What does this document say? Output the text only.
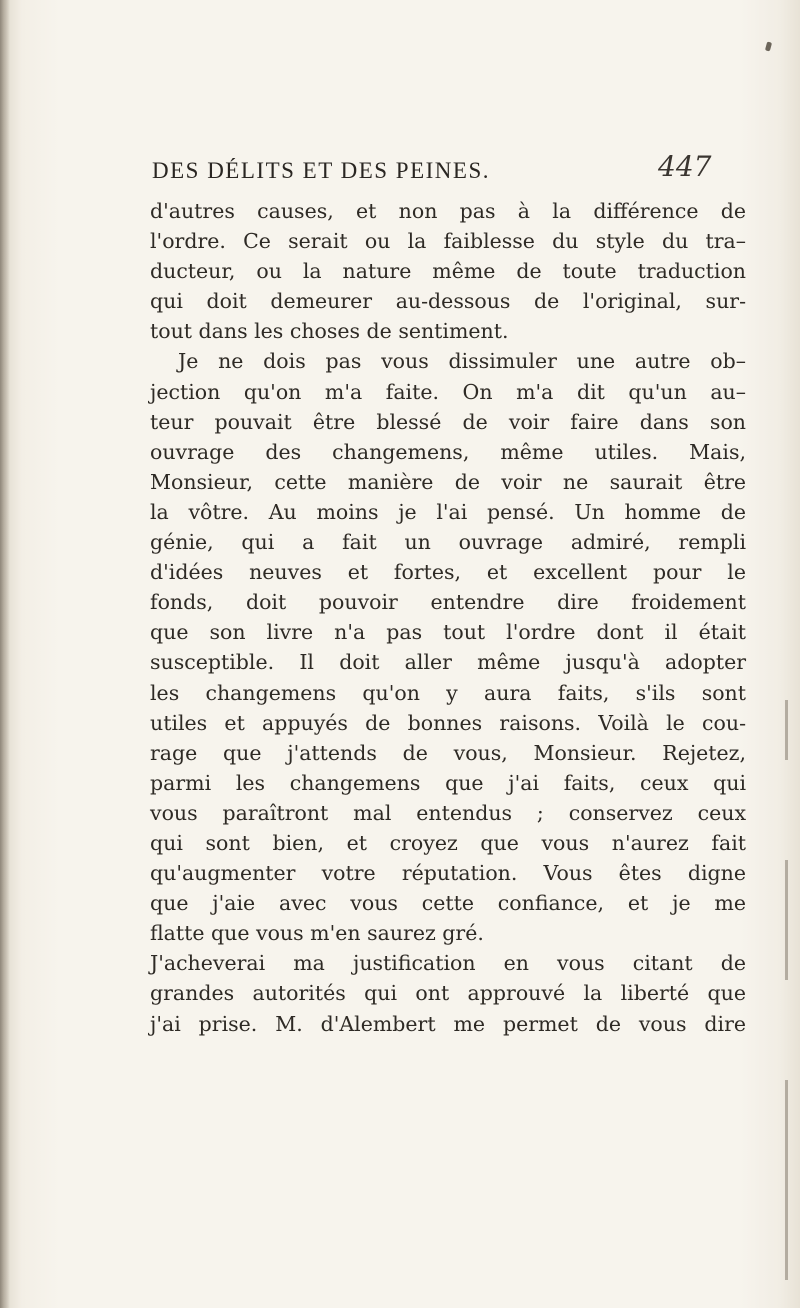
DES DÉLITS ET DES PEINES.	447

d'autres causes, et non pas à la différence de
l'ordre. Ce serait ou la faiblesse du style du tra–
ducteur, ou la nature même de toute traduction
qui doit demeurer au-dessous de l'original, sur-
tout dans les choses de sentiment.

Je ne dois pas vous dissimuler une autre ob–
jection qu'on m'a faite. On m'a dit qu'un au–
teur pouvait être blessé de voir faire dans son
ouvrage des changemens, même utiles. Mais,
Monsieur, cette manière de voir ne saurait être
la vôtre. Au moins je l'ai pensé. Un homme de
génie, qui a fait un ouvrage admiré, rempli
d'idées neuves et fortes, et excellent pour le
fonds, doit pouvoir entendre dire froidement
que son livre n'a pas tout l'ordre dont il était
susceptible. Il doit aller même jusqu'à adopter
les changemens qu'on y aura faits, s'ils sont
utiles et appuyés de bonnes raisons. Voilà le cou-
rage que j'attends de vous, Monsieur. Rejetez,
parmi les changemens que j'ai faits, ceux qui
vous paraîtront mal entendus ; conservez ceux
qui sont bien, et croyez que vous n'aurez fait
qu'augmenter votre réputation. Vous êtes digne
que j'aie avec vous cette confiance, et je me
flatte que vous m'en saurez gré.

J'acheverai ma justification en vous citant de
grandes autorités qui ont approuvé la liberté que
j'ai prise. M. d'Alembert me permet de vous dire
